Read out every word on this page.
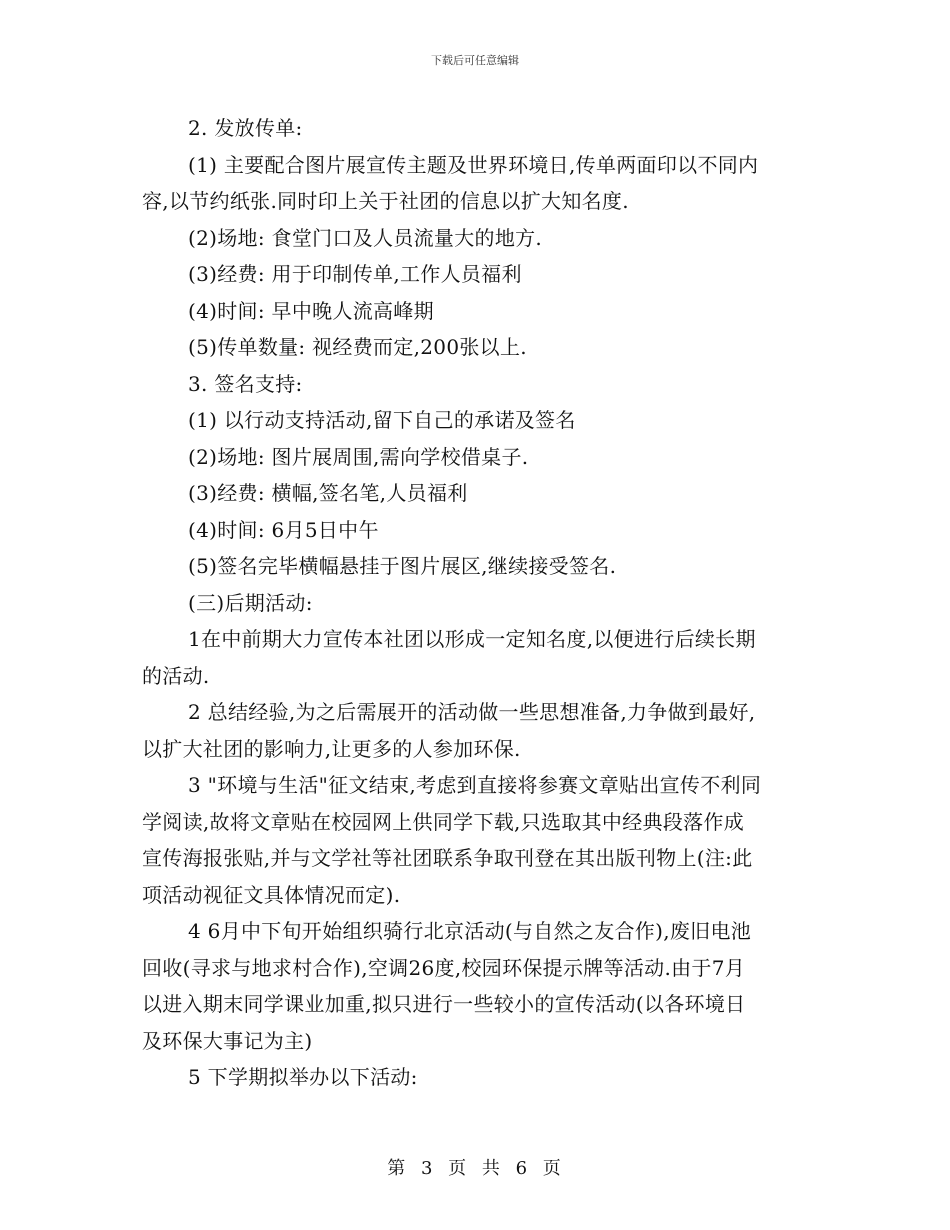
下载后可任意编辑
2. 发放传单:
(1) 主要配合图片展宣传主题及世界环境日,传单两面印以不同内
容,以节约纸张.同时印上关于社团的信息以扩大知名度.
(2)场地: 食堂门口及人员流量大的地方.
(3)经费: 用于印制传单,工作人员福利
(4)时间: 早中晚人流高峰期
(5)传单数量: 视经费而定,200张以上.
3. 签名支持:
(1) 以行动支持活动,留下自己的承诺及签名
(2)场地: 图片展周围,需向学校借桌子.
(3)经费: 横幅,签名笔,人员福利
(4)时间: 6月5日中午
(5)签名完毕横幅悬挂于图片展区,继续接受签名.
(三)后期活动:
1在中前期大力宣传本社团以形成一定知名度,以便进行后续长期
的活动.
2 总结经验,为之后需展开的活动做一些思想准备,力争做到最好,
以扩大社团的影响力,让更多的人参加环保.
3 "环境与生活"征文结束,考虑到直接将参赛文章贴出宣传不利同
学阅读,故将文章贴在校园网上供同学下载,只选取其中经典段落作成
宣传海报张贴,并与文学社等社团联系争取刊登在其出版刊物上(注:此
项活动视征文具体情况而定).
4 6月中下旬开始组织骑行北京活动(与自然之友合作),废旧电池
回收(寻求与地求村合作),空调26度,校园环保提示牌等活动.由于7月
以进入期末同学课业加重,拟只进行一些较小的宣传活动(以各环境日
及环保大事记为主)
5 下学期拟举办以下活动:
第 3 页 共 6 页
